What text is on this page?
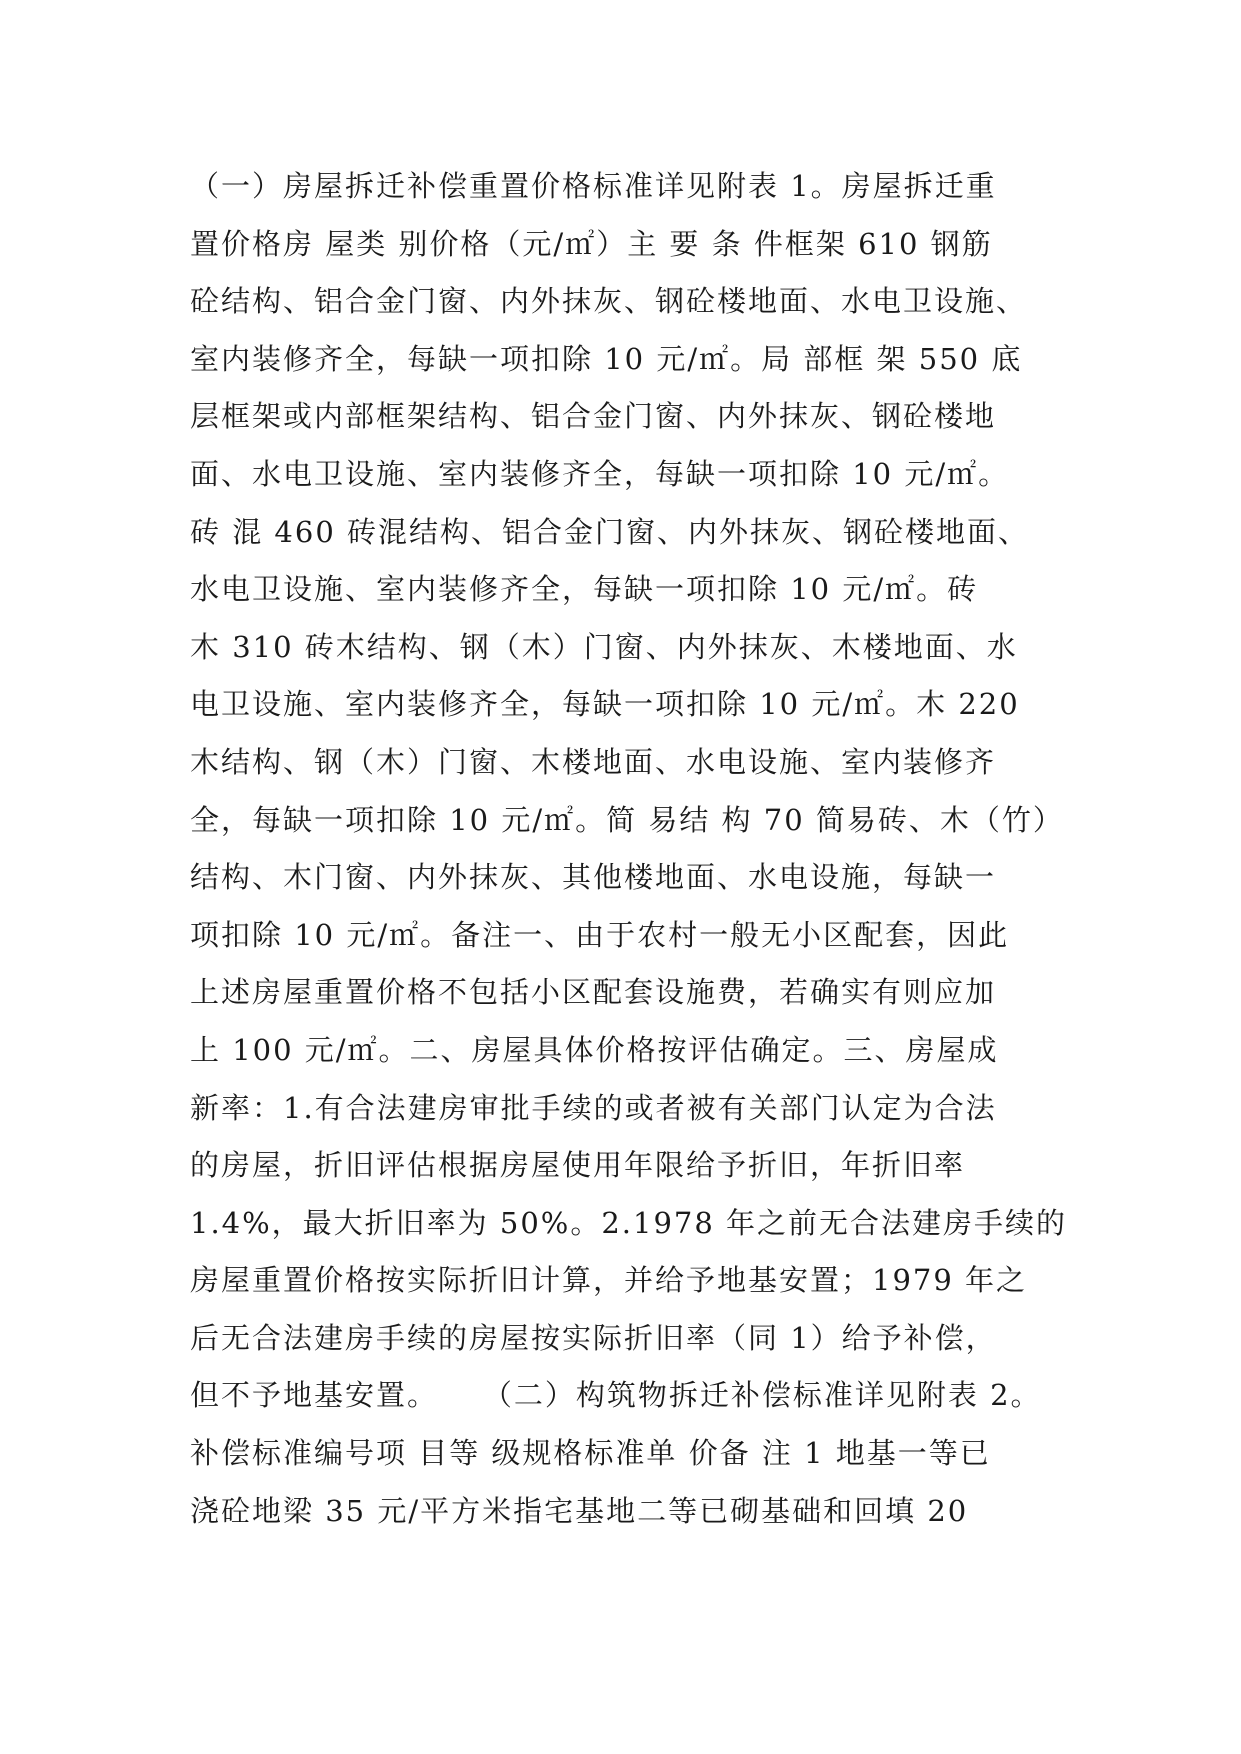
（一）房屋拆迁补偿重置价格标准详见附表 1。房屋拆迁重
置价格房 屋类 别价格（元/㎡）主 要 条 件框架 610 钢筋
砼结构、铝合金门窗、内外抹灰、钢砼楼地面、水电卫设施、
室内装修齐全，每缺一项扣除 10 元/㎡。局 部框 架 550 底
层框架或内部框架结构、铝合金门窗、内外抹灰、钢砼楼地
面、水电卫设施、室内装修齐全，每缺一项扣除 10 元/㎡。
砖 混 460 砖混结构、铝合金门窗、内外抹灰、钢砼楼地面、
水电卫设施、室内装修齐全，每缺一项扣除 10 元/㎡。砖
木 310 砖木结构、钢（木）门窗、内外抹灰、木楼地面、水
电卫设施、室内装修齐全，每缺一项扣除 10 元/㎡。木 220
木结构、钢（木）门窗、木楼地面、水电设施、室内装修齐
全，每缺一项扣除 10 元/㎡。简 易结 构 70 简易砖、木（竹）
结构、木门窗、内外抹灰、其他楼地面、水电设施，每缺一
项扣除 10 元/㎡。备注一、由于农村一般无小区配套，因此
上述房屋重置价格不包括小区配套设施费，若确实有则应加
上 100 元/㎡。二、房屋具体价格按评估确定。三、房屋成
新率：1.有合法建房审批手续的或者被有关部门认定为合法
的房屋，折旧评估根据房屋使用年限给予折旧，年折旧率
1.4%，最大折旧率为 50%。2.1978 年之前无合法建房手续的
房屋重置价格按实际折旧计算，并给予地基安置；1979 年之
后无合法建房手续的房屋按实际折旧率（同 1）给予补偿，
但不予地基安置。    （二）构筑物拆迁补偿标准详见附表 2。
补偿标准编号项 目等 级规格标准单 价备 注 1 地基一等已
浇砼地梁 35 元/平方米指宅基地二等已砌基础和回填 20
